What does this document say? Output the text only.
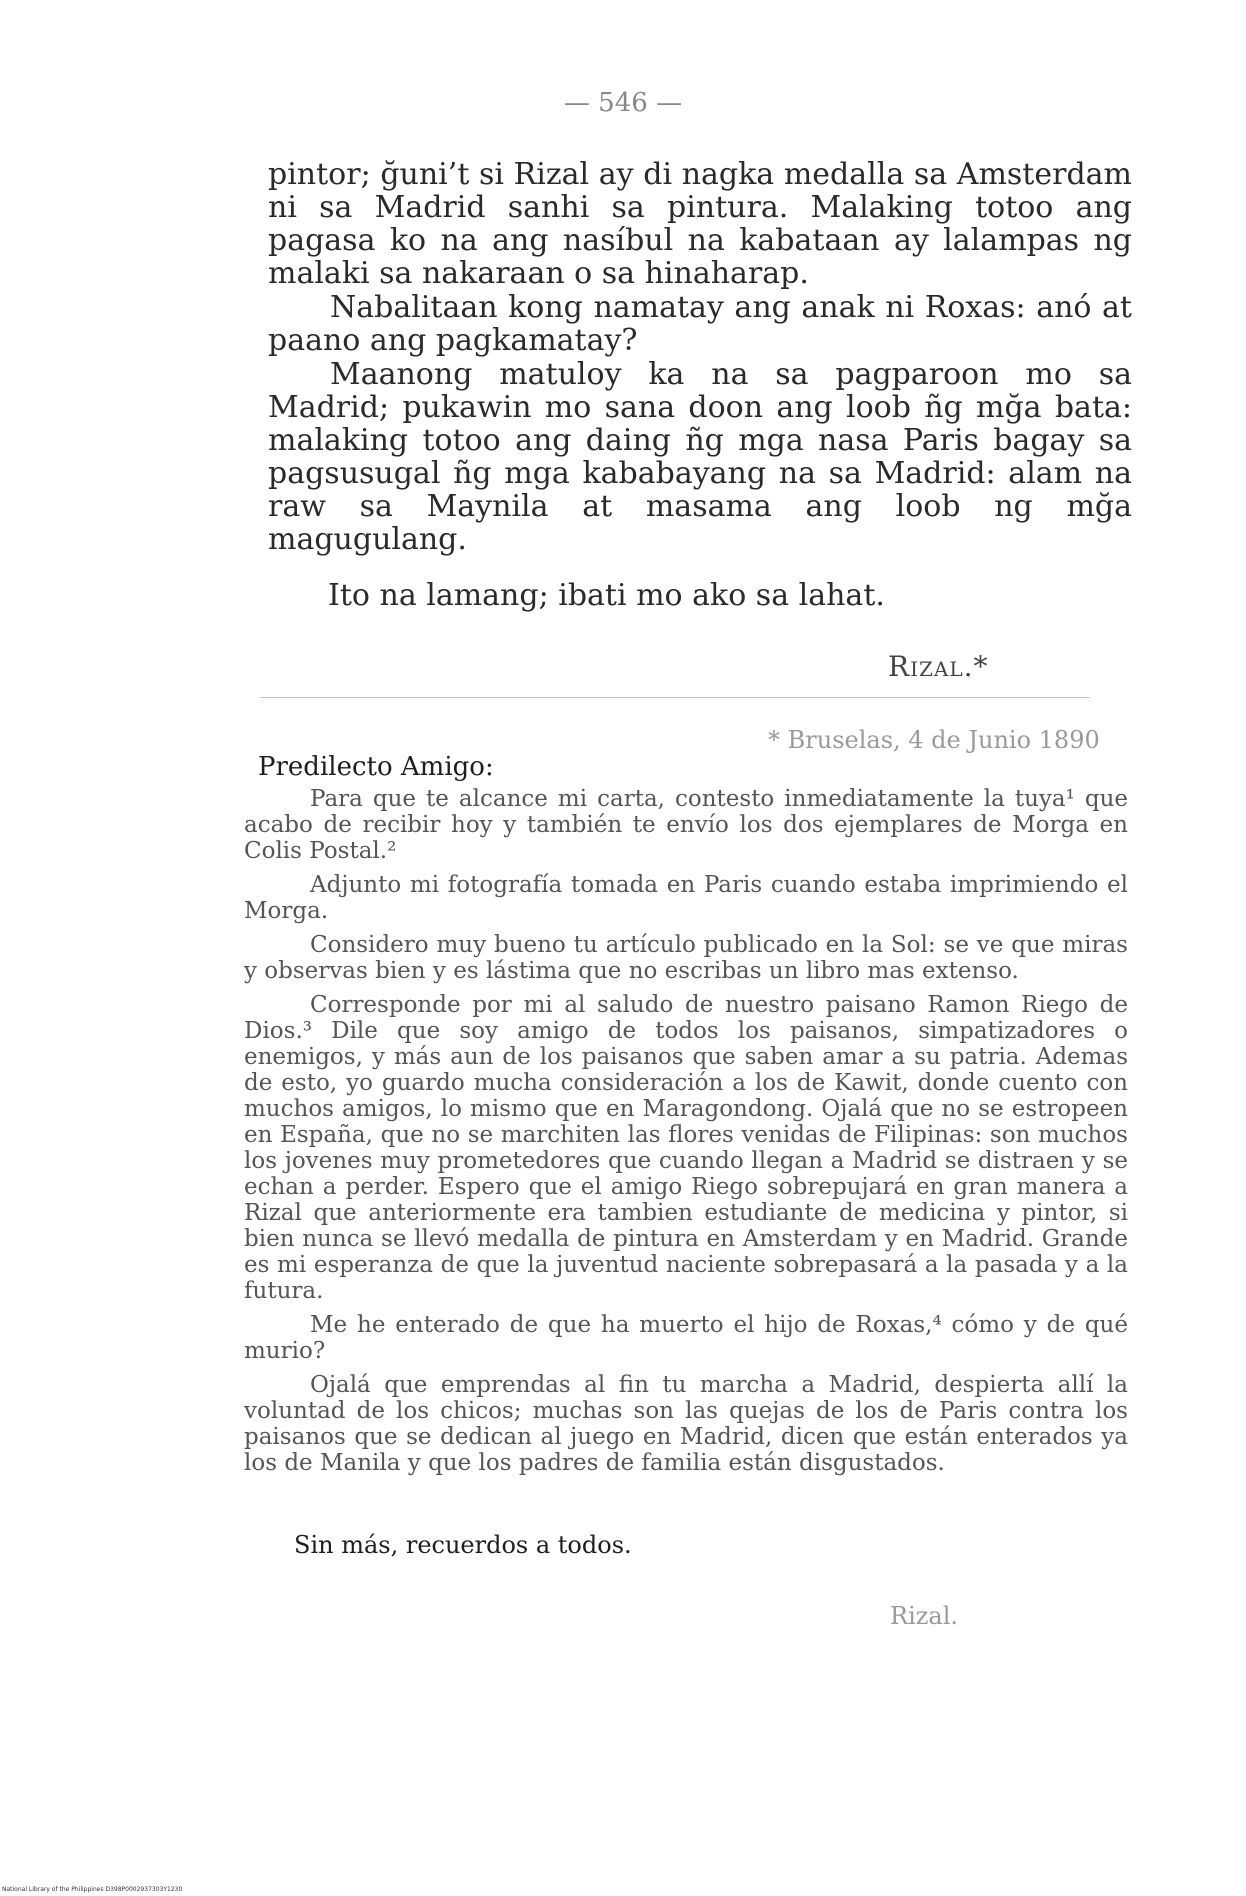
— 546 —

pintor; ğuni’t si Rizal ay di nagka medalla sa Amsterdam ni sa Madrid sanhi sa pintura. Malaking totoo ang pagasa ko na ang nasíbul na kabataan ay lalampas ng malaki sa nakaraan o sa hinaharap.

Nabalitaan kong namatay ang anak ni Roxas: anó at paano ang pagkamatay?

Maanong matuloy ka na sa pagparoon mo sa Madrid; pukawin mo sana doon ang loob ñg mğa bata: malaking totoo ang daing ñg mga nasa Paris bagay sa pagsusugal ñg mga kababayang na sa Madrid: alam na raw sa Maynila at masama ang loob ng mğa magugulang.

Ito na lamang; ibati mo ako sa lahat.
Rizal.*
* Bruselas, 4 de Junio 1890
Predilecto Amigo:

Para que te alcance mi carta, contesto inmediatamente la tuya¹ que acabo de recibir hoy y también te envío los dos ejemplares de Morga en Colis Postal.²

Adjunto mi fotografía tomada en Paris cuando estaba imprimiendo el Morga.

Considero muy bueno tu artículo publicado en la Sol: se ve que miras y observas bien y es lástima que no escribas un libro mas extenso.

Corresponde por mi al saludo de nuestro paisano Ramon Riego de Dios.³ Dile que soy amigo de todos los paisanos, simpatizadores o enemigos, y más aun de los paisanos que saben amar a su patria. Ademas de esto, yo guardo mucha consideración a los de Kawit, donde cuento con muchos amigos, lo mismo que en Maragondong. Ojalá que no se estropeen en España, que no se marchiten las flores venidas de Filipinas: son muchos los jovenes muy prometedores que cuando llegan a Madrid se distraen y se echan a perder. Espero que el amigo Riego sobrepujará en gran manera a Rizal que anteriormente era tambien estudiante de medicina y pintor, si bien nunca se llevó medalla de pintura en Amsterdam y en Madrid. Grande es mi esperanza de que la juventud naciente sobrepasará a la pasada y a la futura.

Me he enterado de que ha muerto el hijo de Roxas,⁴ cómo y de qué murio?

Ojalá que emprendas al fin tu marcha a Madrid, despierta allí la voluntad de los chicos; muchas son las quejas de los de Paris contra los paisanos que se dedican al juego en Madrid, dicen que están enterados ya los de Manila y que los padres de familia están disgustados.

Sin más, recuerdos a todos.
Rizal.
National Library of the Philippines D398P0002937303Y1230
